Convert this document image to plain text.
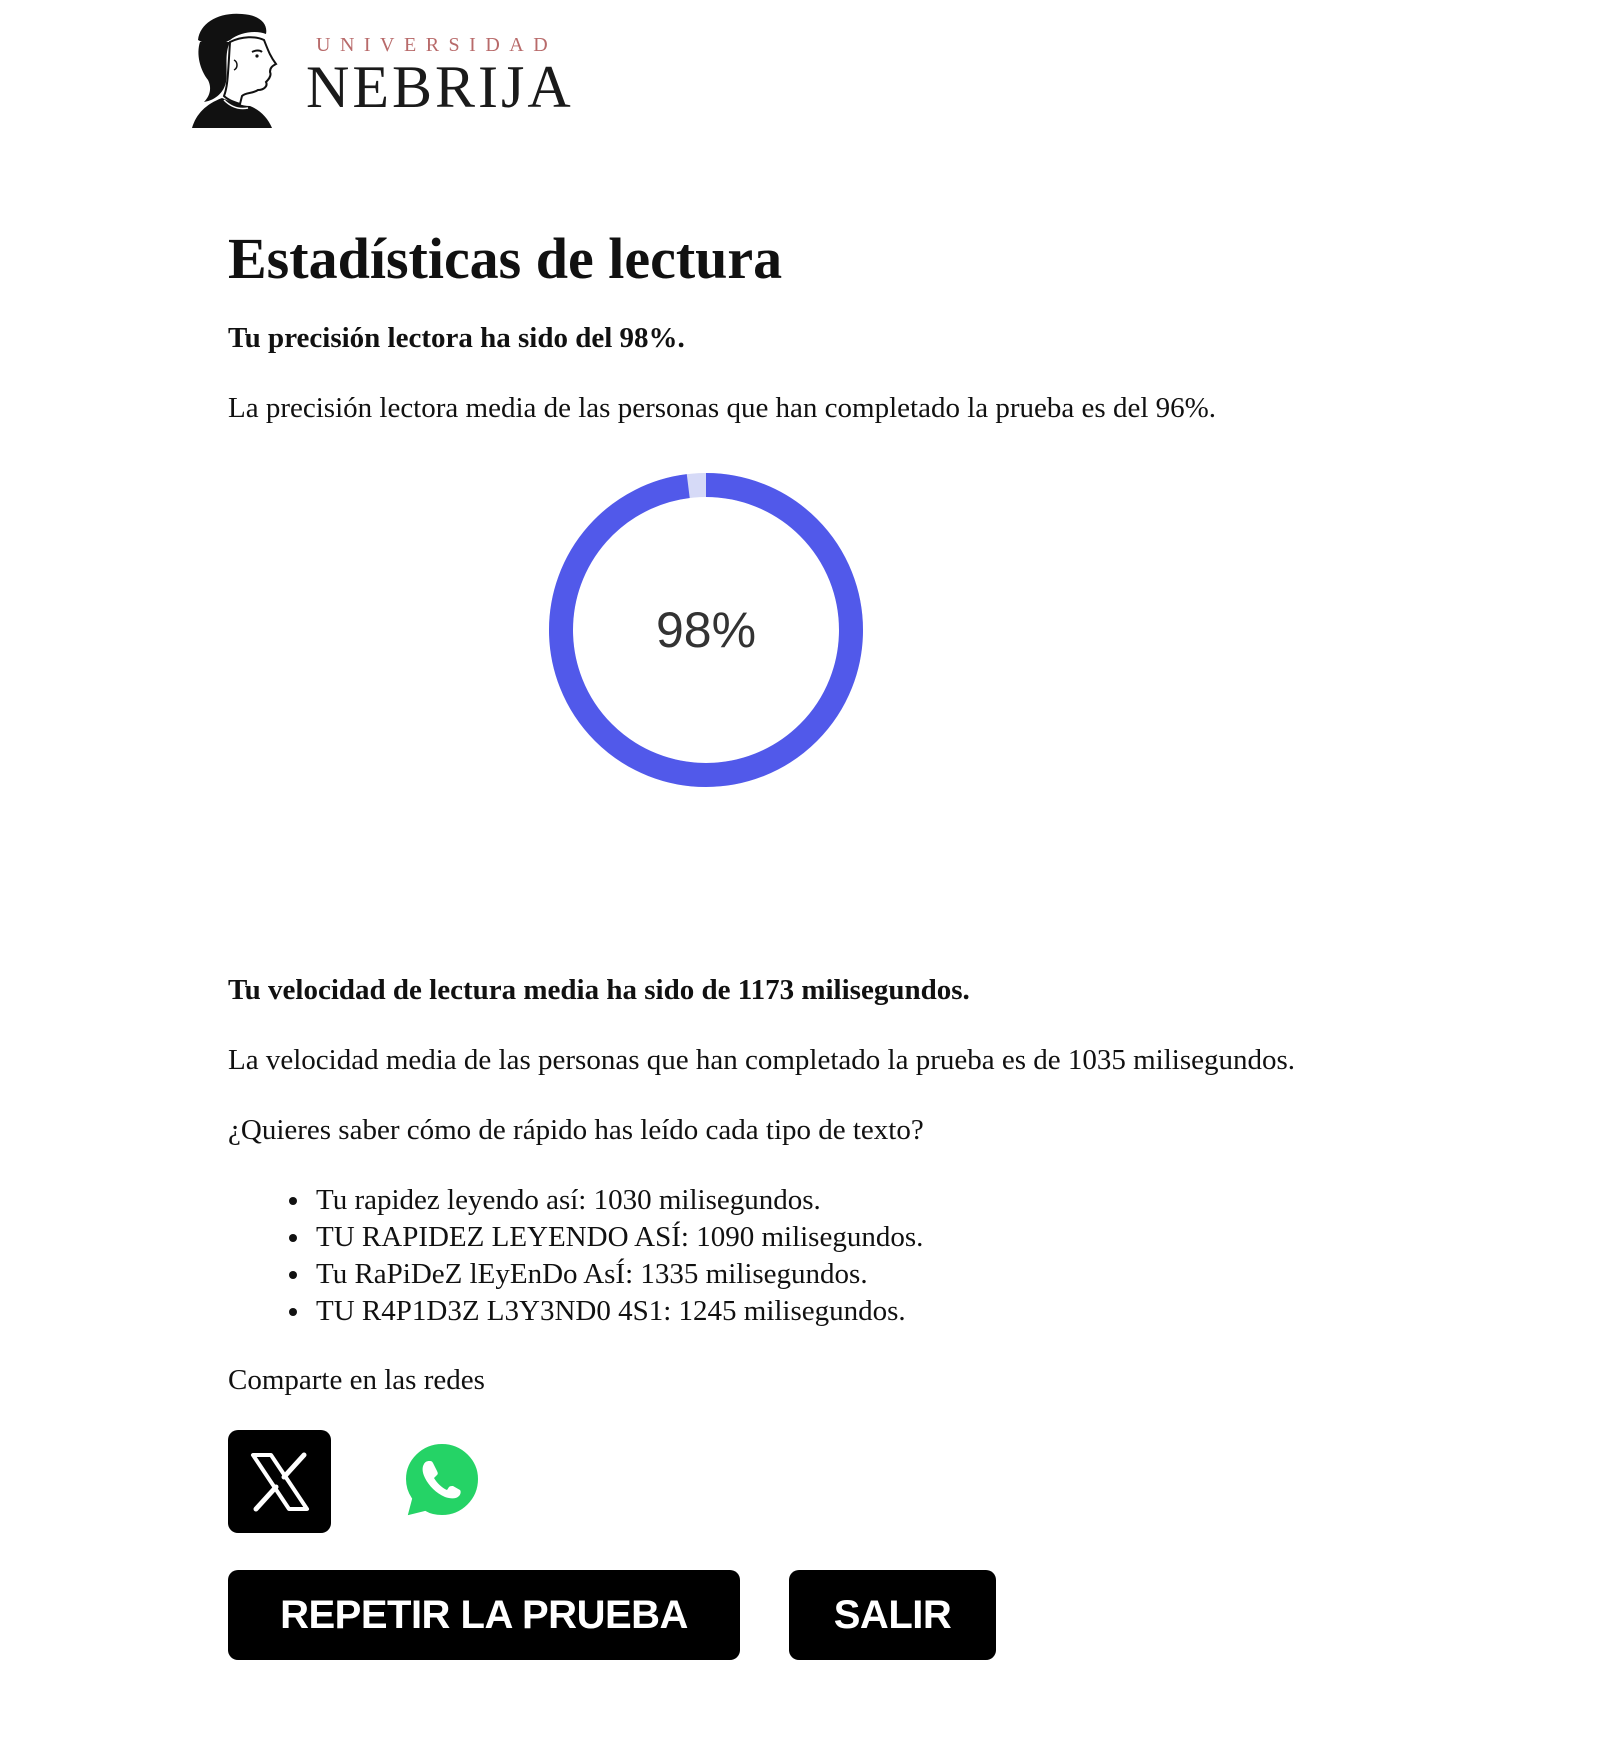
UNIVERSIDAD
NEBRIJA
Estadísticas de lectura

Tu precisión lectora ha sido del 98%.

La precisión lectora media de las personas que han completado la prueba es del 96%.

98%

Tu velocidad de lectura media ha sido de 1173 milisegundos.

La velocidad media de las personas que han completado la prueba es de 1035 milisegundos.

¿Quieres saber cómo de rápido has leído cada tipo de texto?

• Tu rapidez leyendo así: 1030 milisegundos.
• TU RAPIDEZ LEYENDO ASÍ: 1090 milisegundos.
• Tu RaPiDeZ lEyEnDo AsÍ: 1335 milisegundos.
• TU R4P1D3Z L3Y3ND0 4S1: 1245 milisegundos.

Comparte en las redes

REPETIR LA PRUEBA	SALIR
